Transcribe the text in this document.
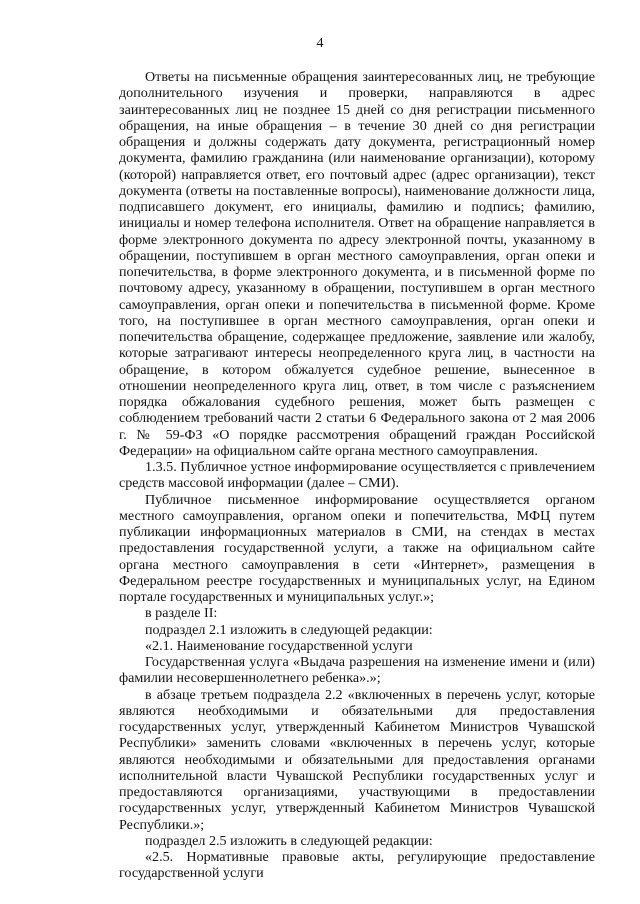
4

Ответы на письменные обращения заинтересованных лиц, не требующие дополнительного изучения и проверки, направляются в адрес заинтересованных лиц не позднее 15 дней со дня регистрации письменного обращения, на иные обращения – в течение 30 дней со дня регистрации обращения и должны содержать дату документа, регистрационный номер документа, фамилию гражданина (или наименование организации), которому (которой) направляется ответ, его почтовый адрес (адрес организации), текст документа (ответы на поставленные вопросы), наименование должности лица, подписавшего документ, его инициалы, фамилию и подпись; фамилию, инициалы и номер телефона исполнителя. Ответ на обращение направляется в форме электронного документа по адресу электронной почты, указанному в обращении, поступившем в орган местного самоуправления, орган опеки и попечительства, в форме электронного документа, и в письменной форме по почтовому адресу, указанному в обращении, поступившем в орган местного самоуправления, орган опеки и попечительства в письменной форме. Кроме того, на поступившее в орган местного самоуправления, орган опеки и попечительства обращение, содержащее предложение, заявление или жалобу, которые затрагивают интересы неопределенного круга лиц, в частности на обращение, в котором обжалуется судебное решение, вынесенное в отношении неопределенного круга лиц, ответ, в том числе с разъяснением порядка обжалования судебного решения, может быть размещен с соблюдением требований части 2 статьи 6 Федерального закона от 2 мая 2006 г. № 59-ФЗ «О порядке рассмотрения обращений граждан Российской Федерации» на официальном сайте органа местного самоуправления.

1.3.5. Публичное устное информирование осуществляется с привлечением средств массовой информации (далее – СМИ).

Публичное письменное информирование осуществляется органом местного самоуправления, органом опеки и попечительства, МФЦ путем публикации информационных материалов в СМИ, на стендах в местах предоставления государственной услуги, а также на официальном сайте органа местного самоуправления в сети «Интернет», размещения в Федеральном реестре государственных и муниципальных услуг, на Едином портале государственных и муниципальных услуг.»;

в разделе II:

подраздел 2.1 изложить в следующей редакции:

«2.1. Наименование государственной услуги

Государственная услуга «Выдача разрешения на изменение имени и (или) фамилии несовершеннолетнего ребенка».»;

в абзаце третьем подраздела 2.2 «включенных в перечень услуг, которые являются необходимыми и обязательными для предоставления государственных услуг, утвержденный Кабинетом Министров Чувашской Республики» заменить словами «включенных в перечень услуг, которые являются необходимыми и обязательными для предоставления органами исполнительной власти Чувашской Республики государственных услуг и предоставляются организациями, участвующими в предоставлении государственных услуг, утвержденный Кабинетом Министров Чувашской Республики.»;

подраздел 2.5 изложить в следующей редакции:

«2.5. Нормативные правовые акты, регулирующие предоставление государственной услуги
